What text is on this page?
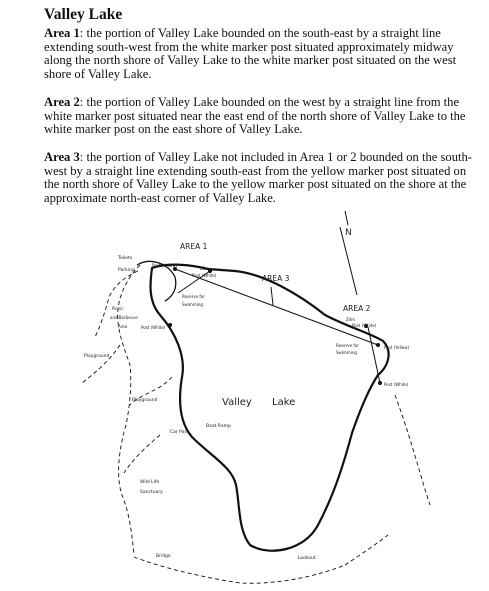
Valley Lake

Area 1: the portion of Valley Lake bounded on the south-east by a straight line extending south-west from the white marker post situated approximately midway along the north shore of Valley Lake to the white marker post situated on the west shore of Valley Lake.

Area 2: the portion of Valley Lake bounded on the west by a straight line from the white marker post situated near the east end of the north shore of Valley Lake to the white marker post on the east shore of Valley Lake.

Area 3: the portion of Valley Lake not included in Area 1 or 2 bounded on the south-west by a straight line extending south-east from the yellow marker post situated on the north shore of Valley Lake to the yellow marker post situated on the shore at the approximate north-east corner of Valley Lake.

N
AREA 1
AREA 3
AREA 2
Valley Lake
Toilets
Parking
Post (Yellow)
20m
Post (White)
Reserve for
Swimming
Picnic
and Barbecue
Area	Post (White)
Playground
Playground
Car Park
Boat Ramp
Wild Life
Sanctuary
Bridge	Lookout
20m
Post (White)
Reserve for
Swimming
Post (Yellow)
Post (White)
